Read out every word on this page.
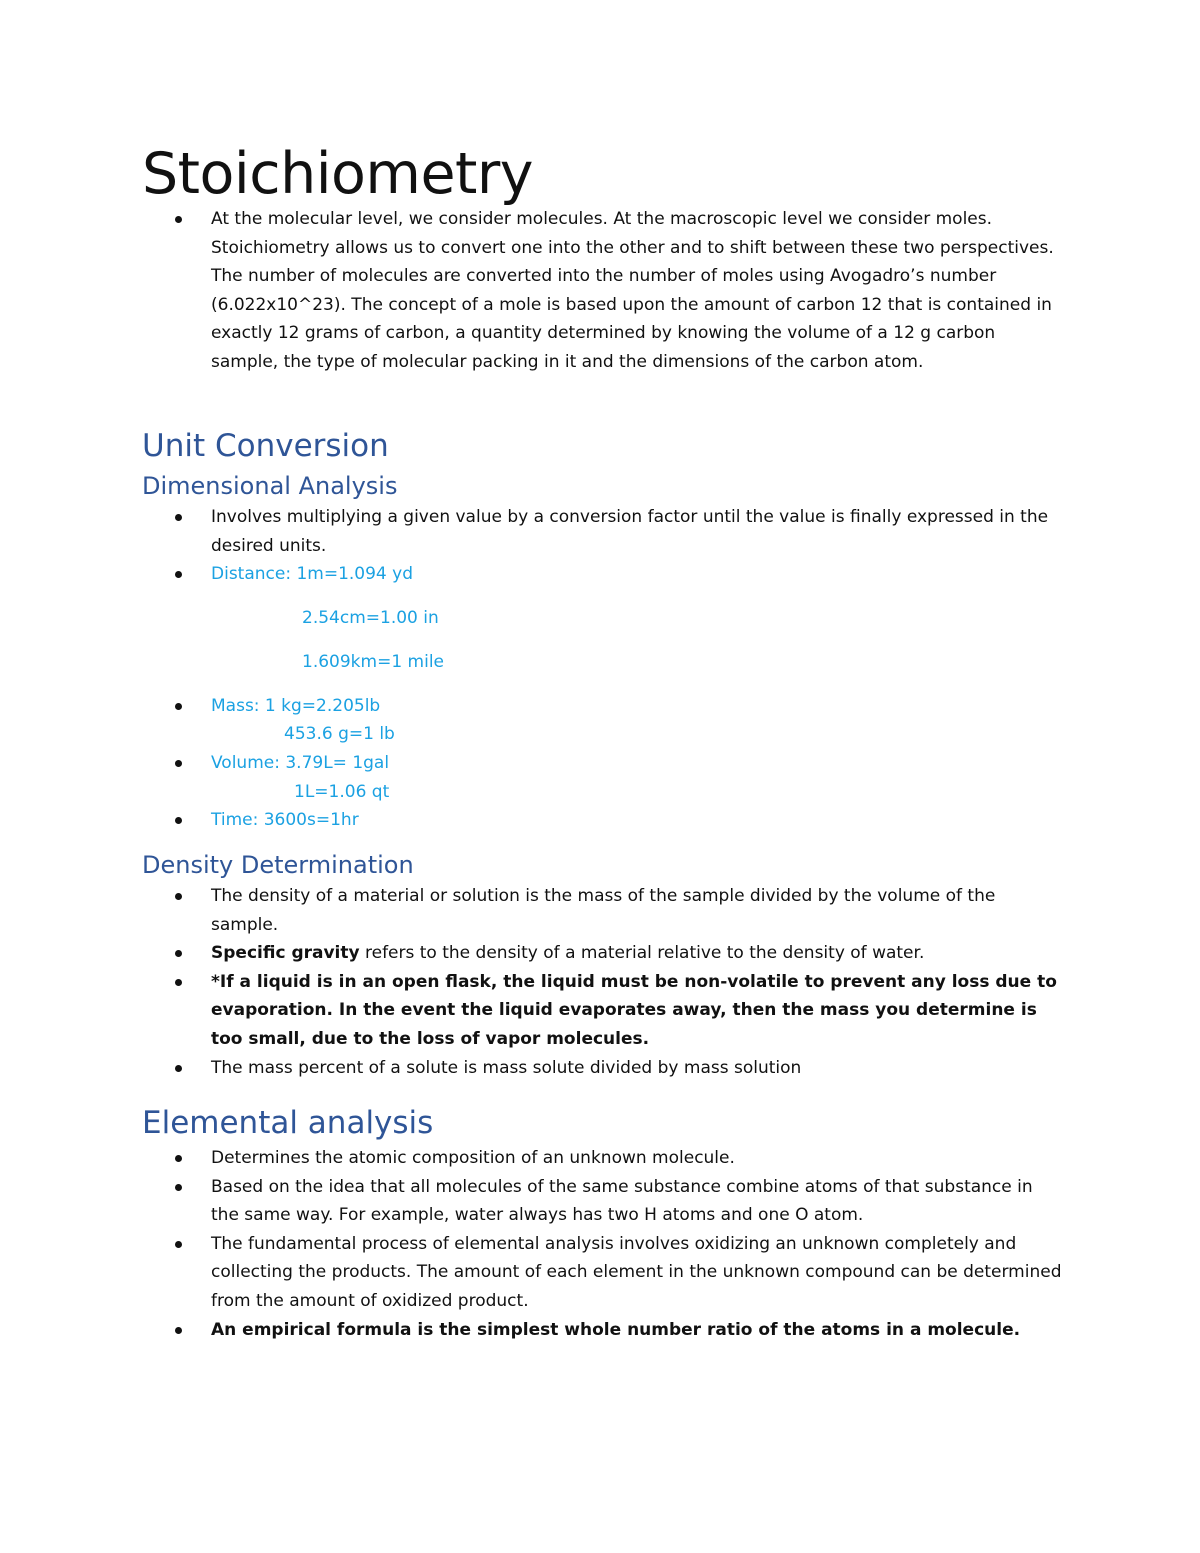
Stoichiometry
At the molecular level, we consider molecules. At the macroscopic level we consider moles. Stoichiometry allows us to convert one into the other and to shift between these two perspectives. The number of molecules are converted into the number of moles using Avogadro’s number (6.022x10^23). The concept of a mole is based upon the amount of carbon 12 that is contained in exactly 12 grams of carbon, a quantity determined by knowing the volume of a 12 g carbon sample, the type of molecular packing in it and the dimensions of the carbon atom.
Unit Conversion
Dimensional Analysis
Involves multiplying a given value by a conversion factor until the value is finally expressed in the desired units.
Distance: 1m=1.094 yd
2.54cm=1.00 in
1.609km=1 mile
Mass: 1 kg=2.205lb
453.6 g=1 lb
Volume: 3.79L= 1gal
1L=1.06 qt
Time: 3600s=1hr
Density Determination
The density of a material or solution is the mass of the sample divided by the volume of the sample.
Specific gravity refers to the density of a material relative to the density of water.
*If a liquid is in an open flask, the liquid must be non-volatile to prevent any loss due to evaporation. In the event the liquid evaporates away, then the mass you determine is too small, due to the loss of vapor molecules.
The mass percent of a solute is mass solute divided by mass solution
Elemental analysis
Determines the atomic composition of an unknown molecule.
Based on the idea that all molecules of the same substance combine atoms of that substance in the same way. For example, water always has two H atoms and one O atom.
The fundamental process of elemental analysis involves oxidizing an unknown completely and collecting the products. The amount of each element in the unknown compound can be determined from the amount of oxidized product.
An empirical formula is the simplest whole number ratio of the atoms in a molecule.
